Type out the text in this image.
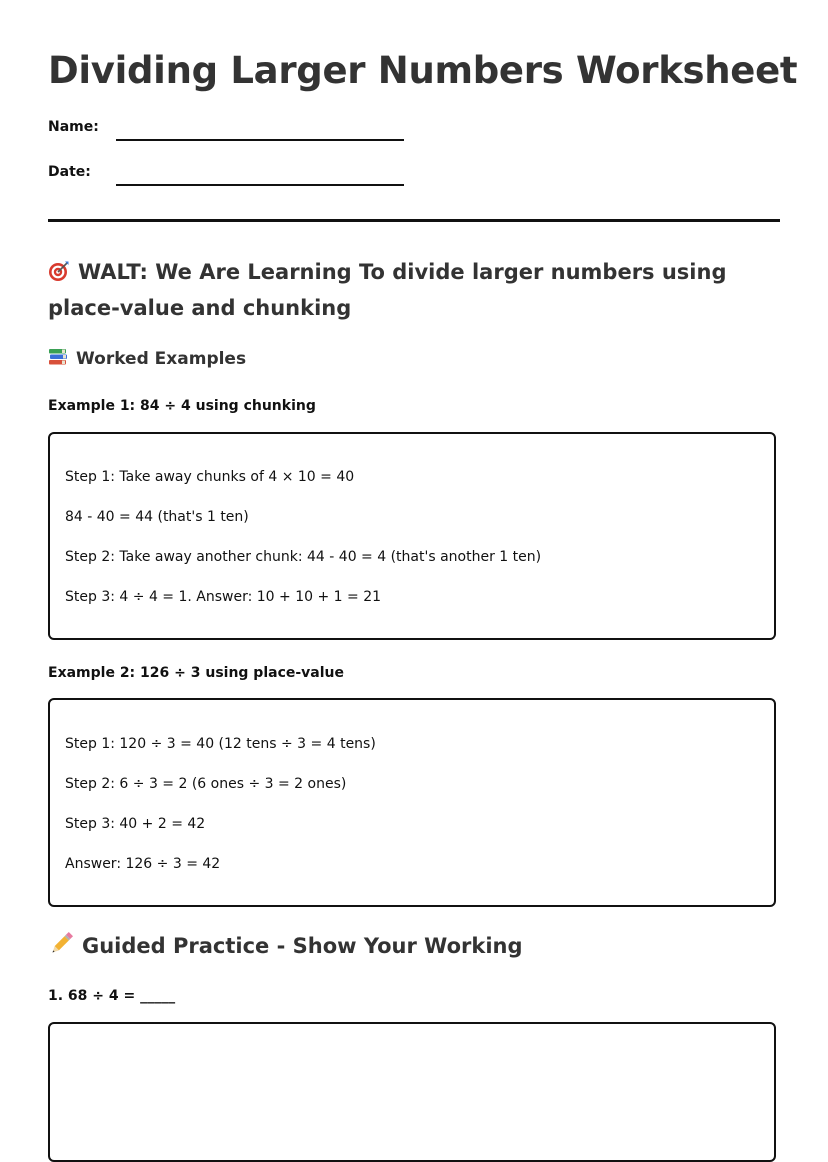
Dividing Larger Numbers Worksheet
Name:
Date:
WALT: We Are Learning To divide larger numbers using place-value and chunking
Worked Examples
Example 1: 84 ÷ 4 using chunking
Step 1: Take away chunks of 4 × 10 = 40
84 - 40 = 44 (that's 1 ten)
Step 2: Take away another chunk: 44 - 40 = 4 (that's another 1 ten)
Step 3: 4 ÷ 4 = 1. Answer: 10 + 10 + 1 = 21
Example 2: 126 ÷ 3 using place-value
Step 1: 120 ÷ 3 = 40 (12 tens ÷ 3 = 4 tens)
Step 2: 6 ÷ 3 = 2 (6 ones ÷ 3 = 2 ones)
Step 3: 40 + 2 = 42
Answer: 126 ÷ 3 = 42
Guided Practice - Show Your Working
1. 68 ÷ 4 = _____
